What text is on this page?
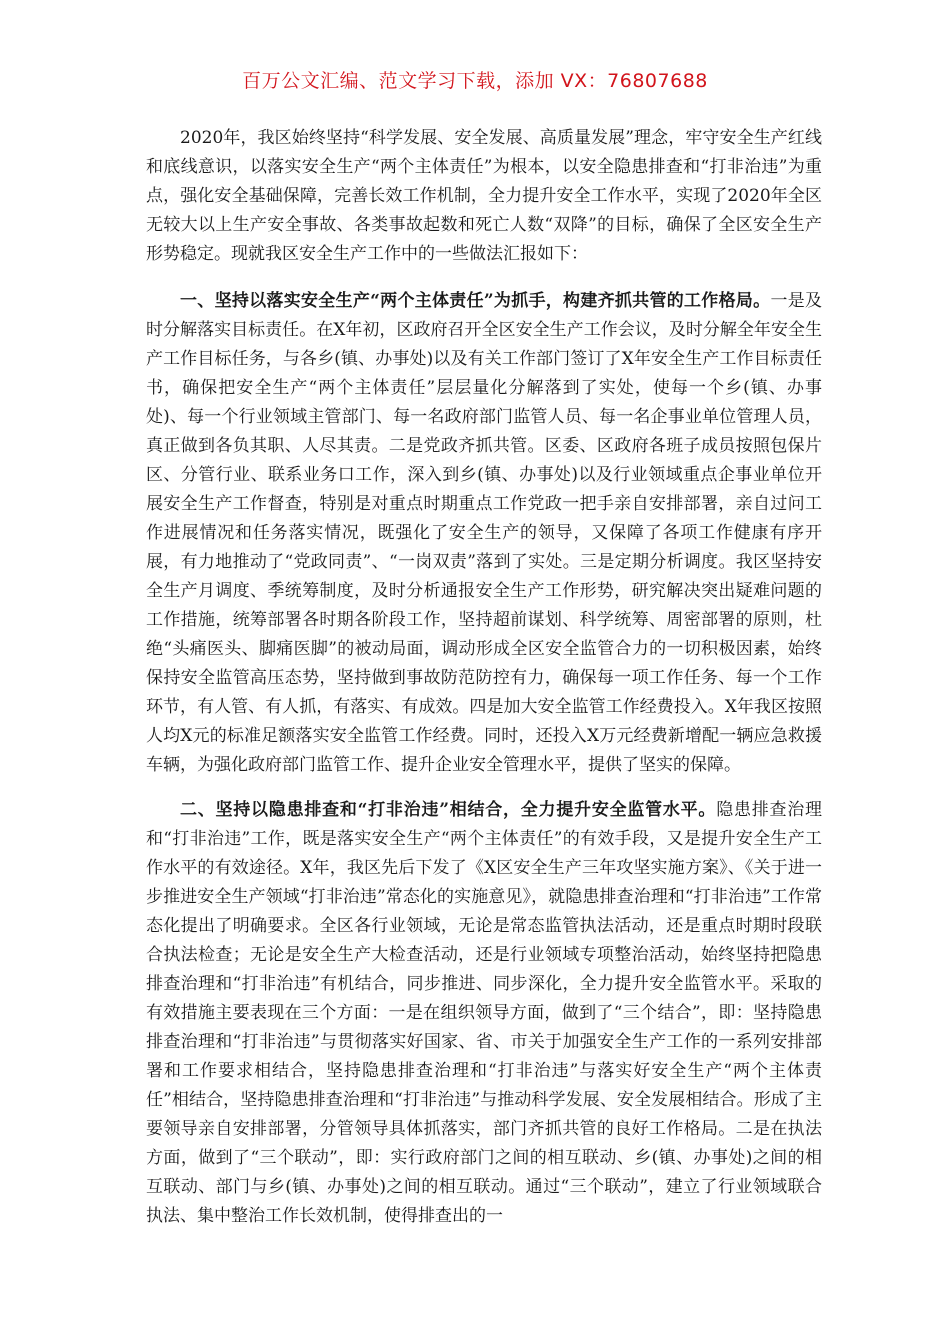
百万公文汇编、范文学习下载，添加 VX：76807688

2020年，我区始终坚持“科学发展、安全发展、高质量发展”理念，牢守安全生产红线和底线意识，以落实安全生产“两个主体责任”为根本，以安全隐患排查和“打非治违”为重点，强化安全基础保障，完善长效工作机制，全力提升安全工作水平，实现了2020年全区无较大以上生产安全事故、各类事故起数和死亡人数“双降”的目标，确保了全区安全生产形势稳定。现就我区安全生产工作中的一些做法汇报如下：

一、坚持以落实安全生产“两个主体责任”为抓手，构建齐抓共管的工作格局。一是及时分解落实目标责任。在X年初，区政府召开全区安全生产工作会议，及时分解全年安全生产工作目标任务，与各乡(镇、办事处)以及有关工作部门签订了X年安全生产工作目标责任书，确保把安全生产“两个主体责任”层层量化分解落到了实处，使每一个乡(镇、办事处)、每一个行业领域主管部门、每一名政府部门监管人员、每一名企事业单位管理人员，真正做到各负其职、人尽其责。二是党政齐抓共管。区委、区政府各班子成员按照包保片区、分管行业、联系业务口工作，深入到乡(镇、办事处)以及行业领域重点企事业单位开展安全生产工作督查，特别是对重点时期重点工作党政一把手亲自安排部署，亲自过问工作进展情况和任务落实情况，既强化了安全生产的领导，又保障了各项工作健康有序开展，有力地推动了“党政同责”、“一岗双责”落到了实处。三是定期分析调度。我区坚持安全生产月调度、季统筹制度，及时分析通报安全生产工作形势，研究解决突出疑难问题的工作措施，统筹部署各时期各阶段工作，坚持超前谋划、科学统筹、周密部署的原则，杜绝“头痛医头、脚痛医脚”的被动局面，调动形成全区安全监管合力的一切积极因素，始终保持安全监管高压态势，坚持做到事故防范防控有力，确保每一项工作任务、每一个工作环节，有人管、有人抓，有落实、有成效。四是加大安全监管工作经费投入。X年我区按照人均X元的标准足额落实安全监管工作经费。同时，还投入X万元经费新增配一辆应急救援车辆，为强化政府部门监管工作、提升企业安全管理水平，提供了坚实的保障。

二、坚持以隐患排查和“打非治违”相结合，全力提升安全监管水平。隐患排查治理和“打非治违”工作，既是落实安全生产“两个主体责任”的有效手段，又是提升安全生产工作水平的有效途径。X年，我区先后下发了《X区安全生产三年攻坚实施方案》、《关于进一步推进安全生产领域“打非治违”常态化的实施意见》，就隐患排查治理和“打非治违”工作常态化提出了明确要求。全区各行业领域，无论是常态监管执法活动，还是重点时期时段联合执法检查；无论是安全生产大检查活动，还是行业领域专项整治活动，始终坚持把隐患排查治理和“打非治违”有机结合，同步推进、同步深化，全力提升安全监管水平。采取的有效措施主要表现在三个方面：一是在组织领导方面，做到了“三个结合”，即：坚持隐患排查治理和“打非治违”与贯彻落实好国家、省、市关于加强安全生产工作的一系列安排部署和工作要求相结合，坚持隐患排查治理和“打非治违”与落实好安全生产“两个主体责任”相结合，坚持隐患排查治理和“打非治违”与推动科学发展、安全发展相结合。形成了主要领导亲自安排部署，分管领导具体抓落实，部门齐抓共管的良好工作格局。二是在执法方面，做到了“三个联动”，即：实行政府部门之间的相互联动、乡(镇、办事处)之间的相互联动、部门与乡(镇、办事处)之间的相互联动。通过“三个联动”，建立了行业领域联合执法、集中整治工作长效机制，使得排查出的一
